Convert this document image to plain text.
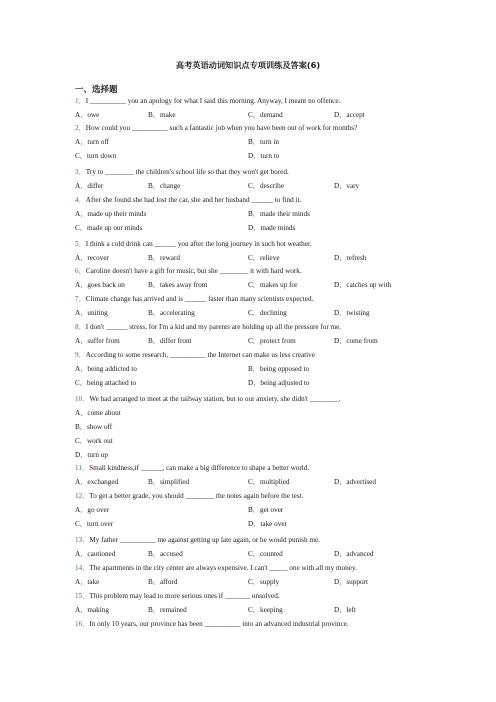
高考英语动词知识点专项训练及答案(6)
一、选择题
1．I __________ you an apology for what I said this morning. Anyway, I meant no offence.
A．owe	B．make	C．demand	D．accept
2．How could you __________ such a fantastic job when you have been out of work for months?
A．turn off	B．turn in
C．turn down	D．turn to
3．Try to ________ the children's school life so that they won't get bored.
A．differ	B．change	C．describe	D．vary
4．After she found she had lost the car, she and her husband ______ to find it.
A．made up their minds	B．made their minds
C．made up our minds	D．made minds
5．I think a cold drink can ______ you after the long journey in such hot weather.
A．recover	B．reward	C．relieve	D．refresh
6．Caroline doesn't have a gift for music, but she ________ it with hard work.
A．goes back on	B．takes away from	C．makes up for	D．catches up with
7．Climate change has arrived and is ______ faster than many scientists expected.
A．uniting	B．accelerating	C．declining	D．twisting
8．I don't ______ stress, for I'm a kid and my parents are holding up all the pressure for me.
A．suffer from	B．differ from	C．protect from	D．come from
9．According to some research, __________ the Internet can make us less creative
A．being addicted to	B．being opposed to
C．being attached to	D．being adjusted to
10．We had arranged to meet at the railway station, but to our anxiety, she didn't ________.
A．come about
B．show off
C．work out
D．turn up
11．Small kindness,if ______, can make a big difference to shape a better world.
A．exchanged	B．simplified	C．multiplied	D．advertised
12．To get a better grade, you should ________ the notes again before the test.
A．go over	B．get over
C．turn over	D．take over
13．My father __________ me against getting up late again, or he would punish me.
A．cautioned	B．accused	C．counted	D．advanced
14．The apartments in the city center are always expensive. I can't _____ one with all my money.
A．take	B．afford	C．supply	D．support
15．This problem may lead to more serious ones if _______ unsolved.
A．making	B．remained	C．keeping	D．left
16．In only 10 years, our province has been __________ into an advanced industrial province.
